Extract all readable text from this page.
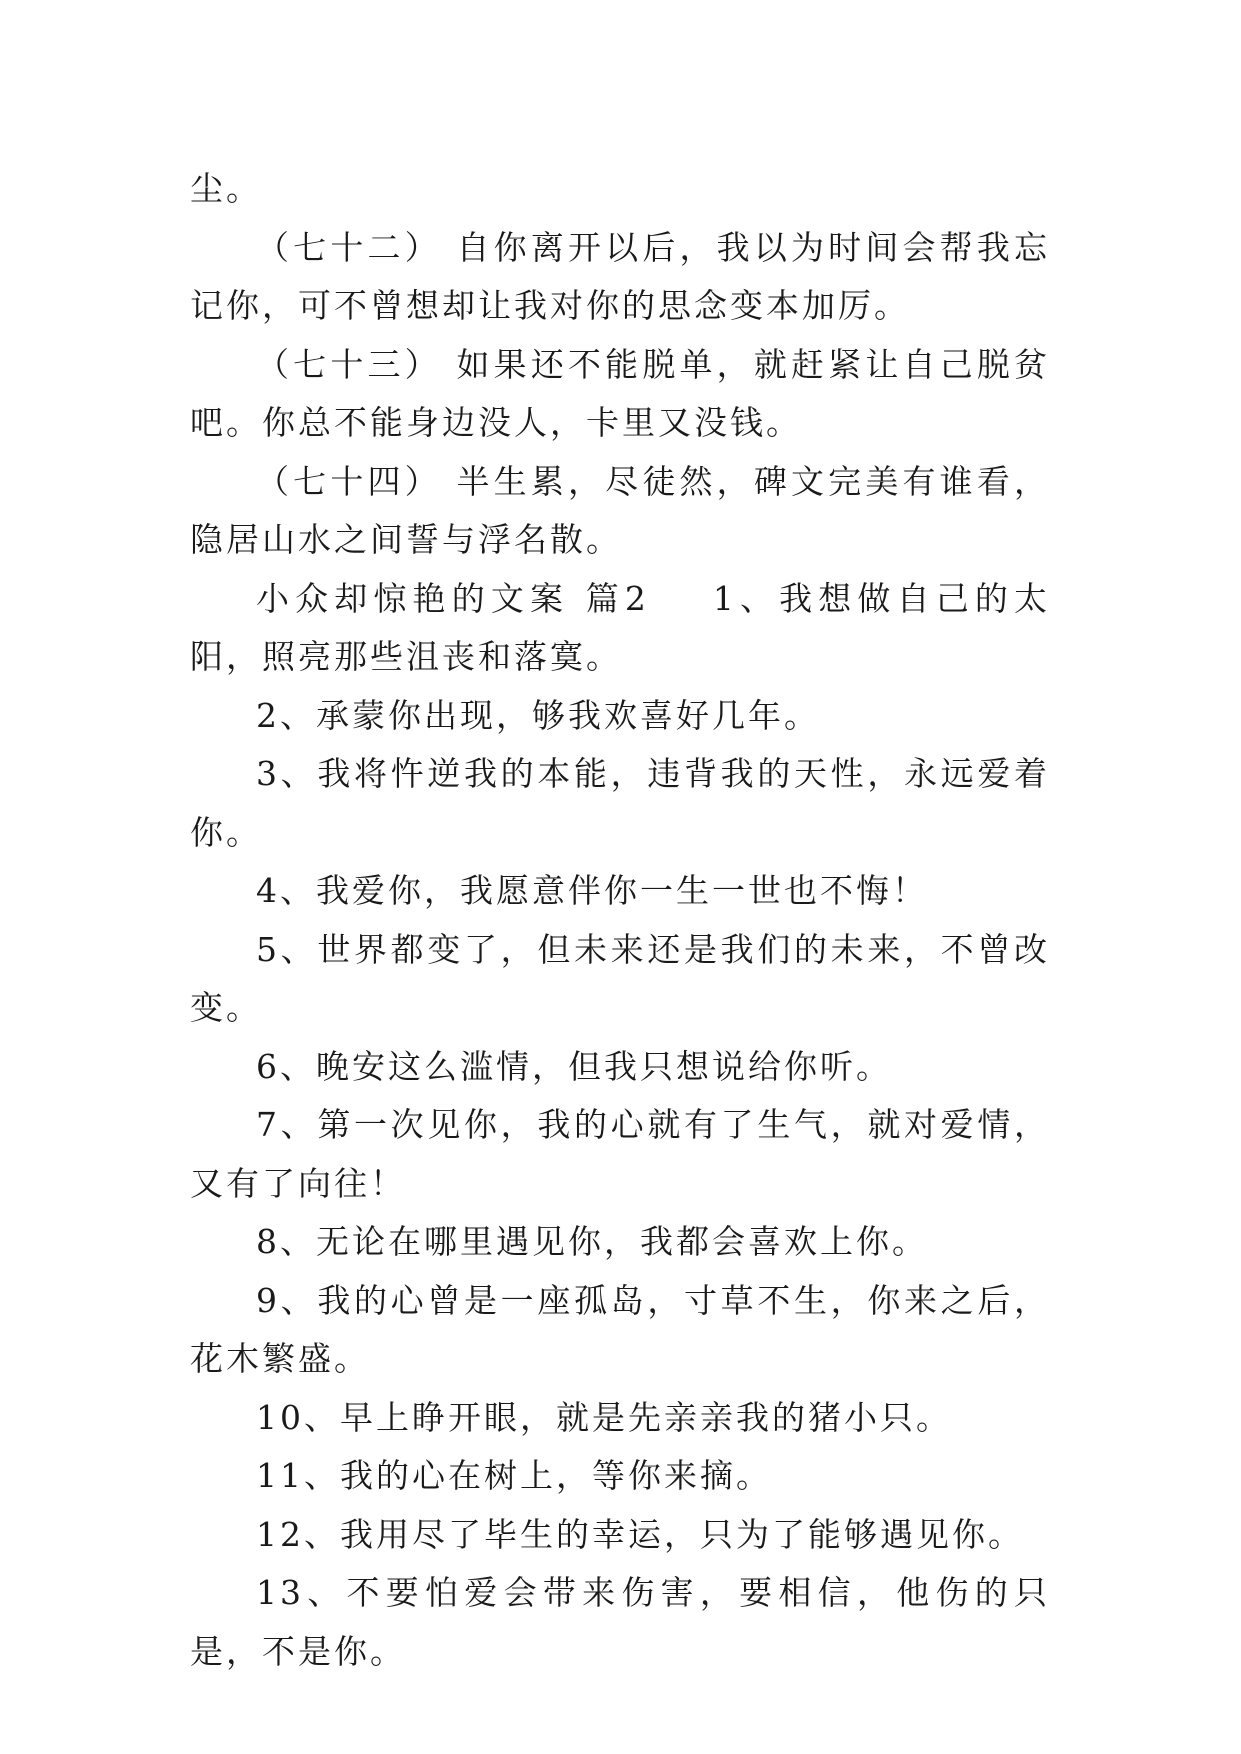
尘。

（七十二） 自你离开以后，我以为时间会帮我忘记你，可不曾想却让我对你的思念变本加厉。

（七十三） 如果还不能脱单，就赶紧让自己脱贫吧。你总不能身边没人，卡里又没钱。

（七十四） 半生累，尽徒然，碑文完美有谁看，隐居山水之间誓与浮名散。

小众却惊艳的文案 篇2 1、我想做自己的太阳，照亮那些沮丧和落寞。

2、承蒙你出现，够我欢喜好几年。

3、我将忤逆我的本能，违背我的天性，永远爱着你。

4、我爱你，我愿意伴你一生一世也不悔！

5、世界都变了，但未来还是我们的未来，不曾改变。

6、晚安这么滥情，但我只想说给你听。

7、第一次见你，我的心就有了生气，就对爱情，又有了向往！

8、无论在哪里遇见你，我都会喜欢上你。

9、我的心曾是一座孤岛，寸草不生，你来之后，花木繁盛。

10、早上睁开眼，就是先亲亲我的猪小只。

11、我的心在树上，等你来摘。

12、我用尽了毕生的幸运，只为了能够遇见你。

13、不要怕爱会带来伤害，要相信，他伤的只是，不是你。
